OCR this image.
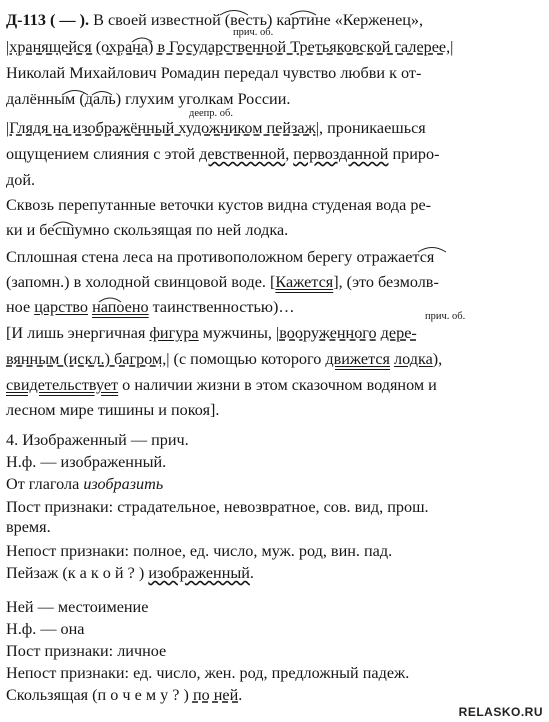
Д-113 ( — ). В своей известной (весть) картине «Керженец»,
прич. об.
|хранящейся (охрана) в Государственной Третьяковской галерее,|
Николай Михайлович Ромадин передал чувство любви к от-
далённым (даль) глухим уголкам России.
деепр. об.
|Глядя на изображённый художником пейзаж|, проникаешься
ощущением слияния с этой девственной, первозданной приро-
дой.
Сквозь перепутанные веточки кустов видна студеная вода ре-
ки и бесшумно скользящая по ней лодка.
Сплошная стена леса на противоположном берегу отражается
(запомн.) в холодной свинцовой воде. [Кажется], (это безмолв-
ное царство напоено таинственностью)…
прич. об.
[И лишь энергичная фигура мужчины, |вооруженного дере-
вянным (искл.) багром,| (с помощью которого движется лодка),
свидетельствует о наличии жизни в этом сказочном водяном и
лесном мире тишины и покоя].
4. Изображенный — прич.
Н.ф. — изображенный.
От глагола изобразить
Пост признаки: страдательное, невозвратное, сов. вид, прош.
время.
Непост признаки: полное, ед. число, муж. род, вин. пад.
Пейзаж (к а к о й ? ) изображенный.
Ней — местоимение
Н.ф. — она
Пост признаки: личное
Непост признаки: ед. число, жен. род, предложный падеж.
Скользящая (п о ч е м у ? ) по ней.
RELASKO.RU
